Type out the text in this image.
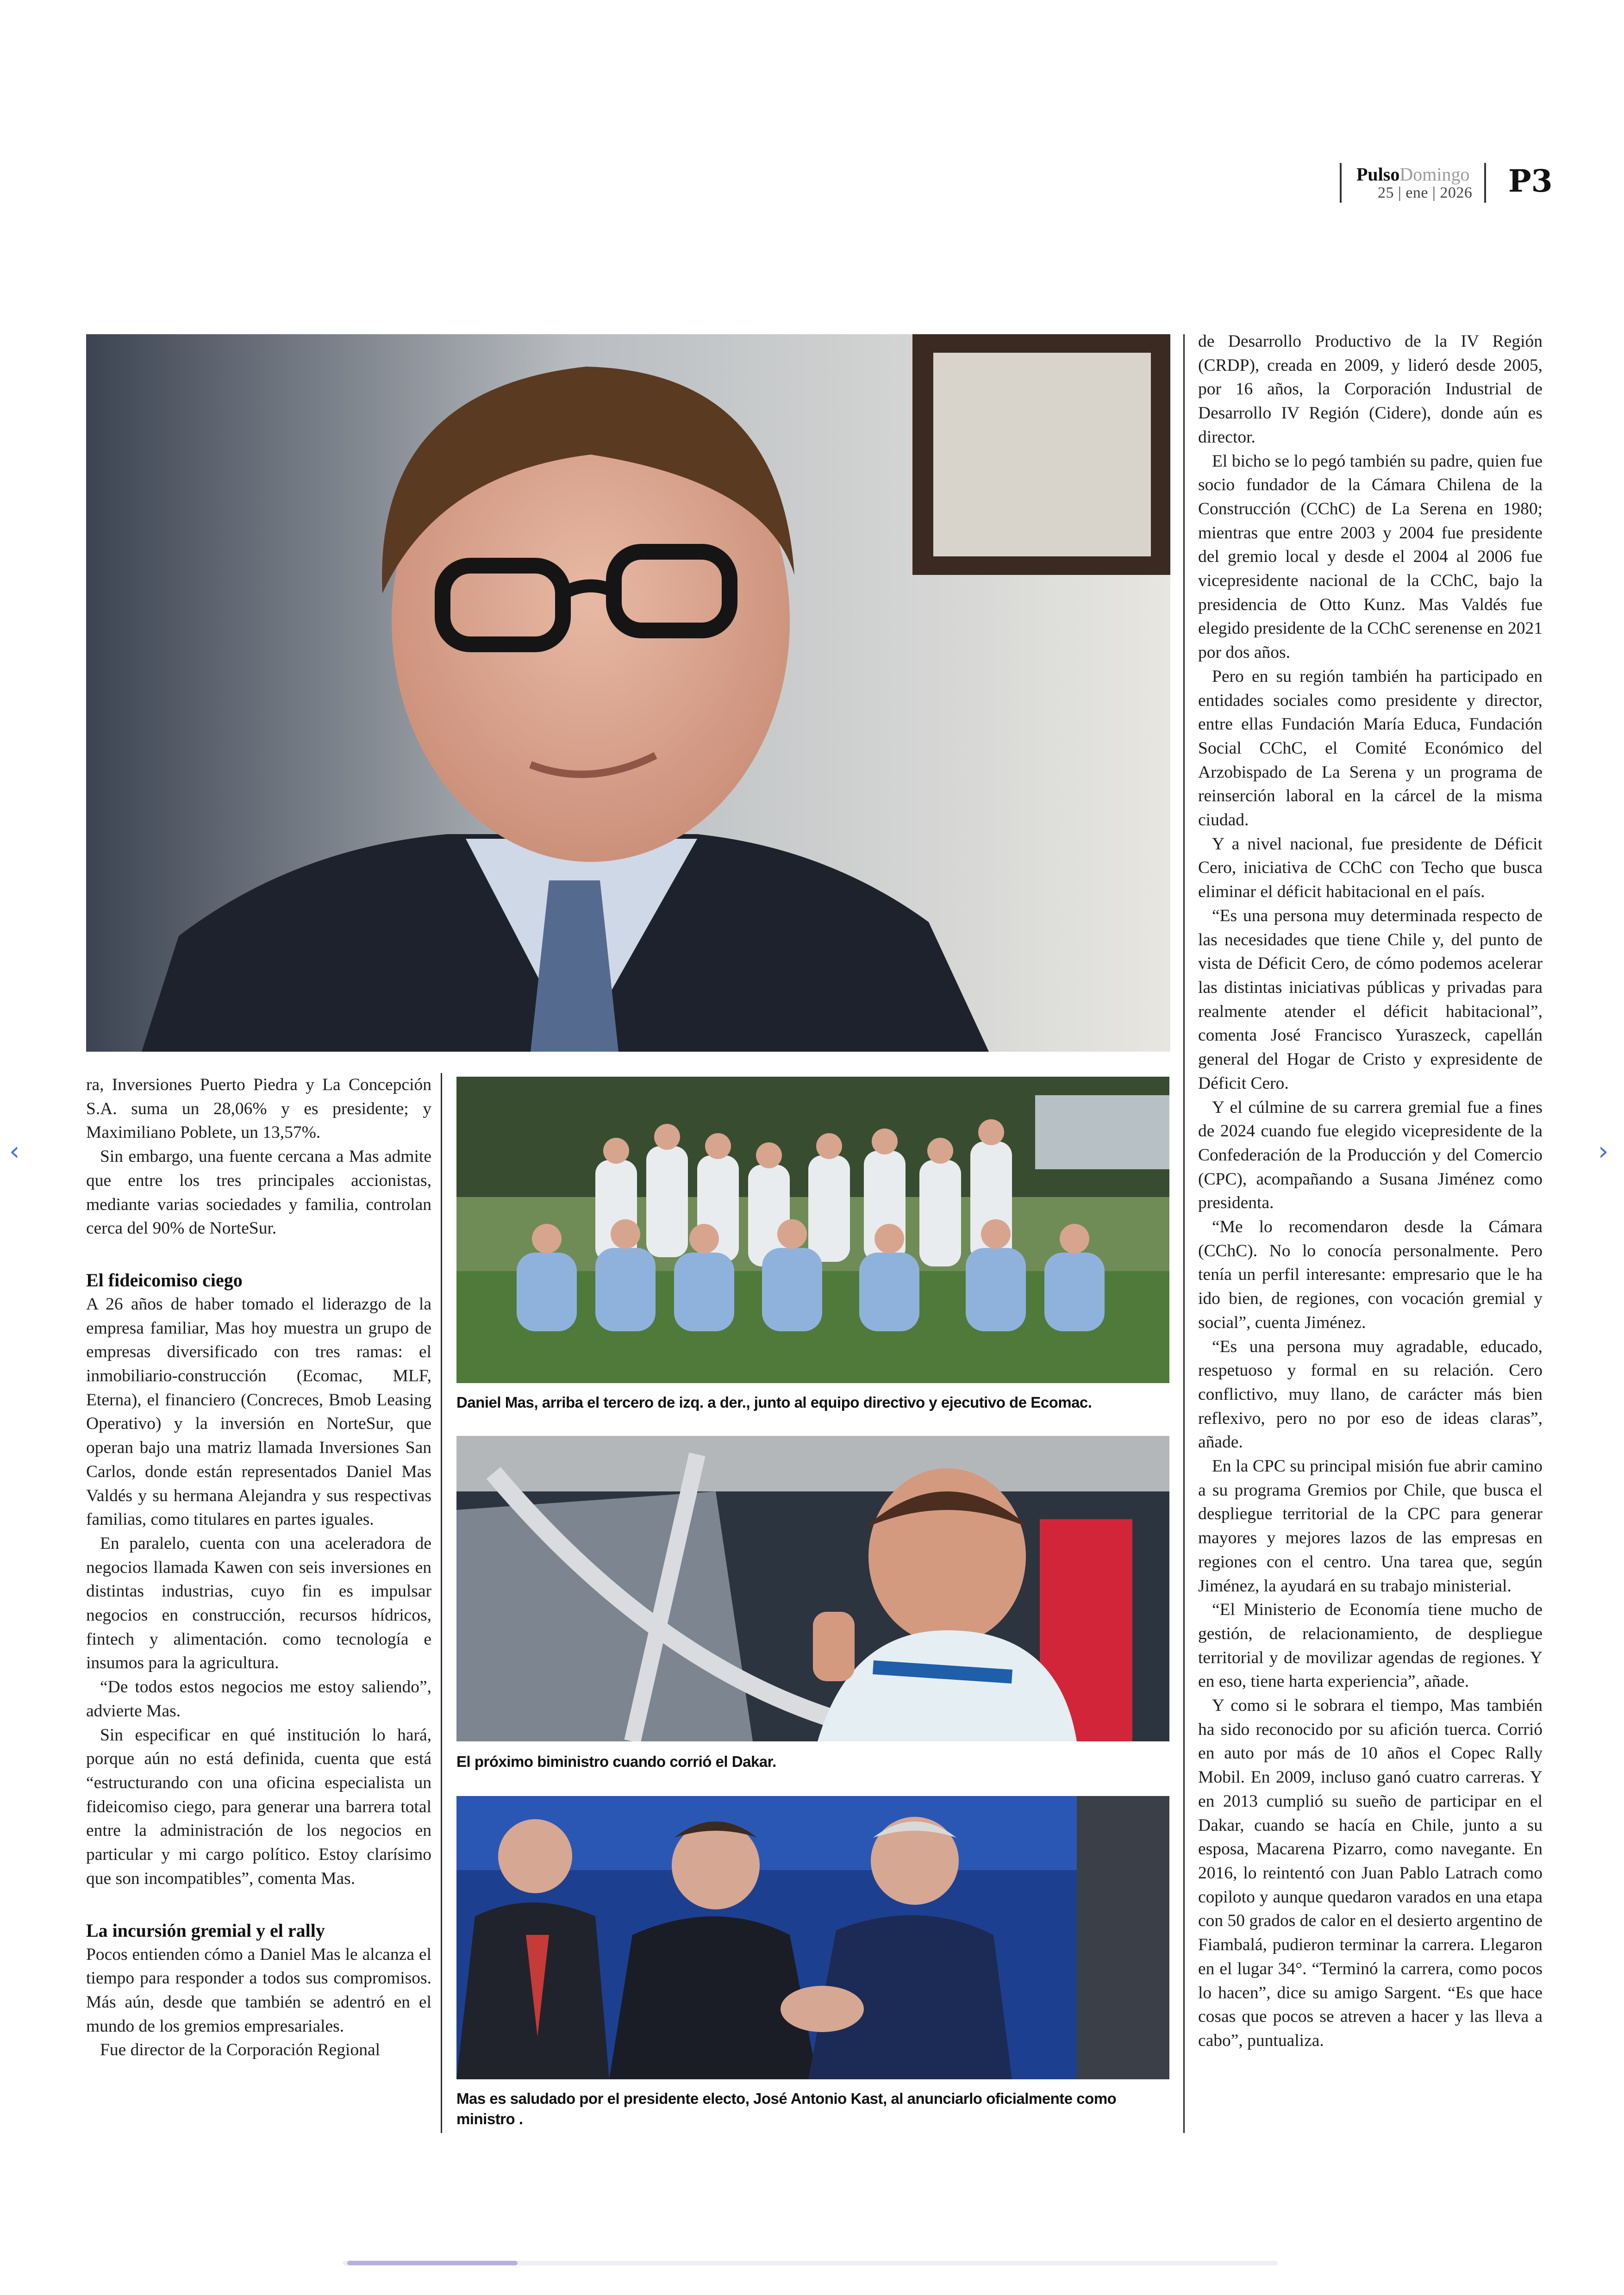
PulsoDomingo
25 | ene | 2026 P3

ra, Inversiones Puerto Piedra y La Concepción S.A. suma un 28,06% y es presidente; y Maximiliano Poblete, un 13,57%.

Sin embargo, una fuente cercana a Mas admite que entre los tres principales accionistas, mediante varias sociedades y familia, controlan cerca del 90% de NorteSur.

El fideicomiso ciego

A 26 años de haber tomado el liderazgo de la empresa familiar, Mas hoy muestra un grupo de empresas diversificado con tres ramas: el inmobiliario-construcción (Ecomac, MLF, Eterna), el financiero (Concreces, Bmob Leasing Operativo) y la inversión en NorteSur, que operan bajo una matriz llamada Inversiones San Carlos, donde están representados Daniel Mas Valdés y su hermana Alejandra y sus respectivas familias, como titulares en partes iguales.

En paralelo, cuenta con una aceleradora de negocios llamada Kawen con seis inversiones en distintas industrias, cuyo fin es impulsar negocios en construcción, recursos hídricos, fintech y alimentación. como tecnología e insumos para la agricultura.

“De todos estos negocios me estoy saliendo”, advierte Mas.

Sin especificar en qué institución lo hará, porque aún no está definida, cuenta que está “estructurando con una oficina especialista un fideicomiso ciego, para generar una barrera total entre la administración de los negocios en particular y mi cargo político. Estoy clarísimo que son incompatibles”, comenta Mas.

La incursión gremial y el rally

Pocos entienden cómo a Daniel Mas le alcanza el tiempo para responder a todos sus compromisos. Más aún, desde que también se adentró en el mundo de los gremios empresariales.

Fue director de la Corporación Regional

Daniel Mas, arriba el tercero de izq. a der., junto al equipo directivo y ejecutivo de Ecomac.
El próximo biministro cuando corrió el Dakar.
Mas es saludado por el presidente electo, José Antonio Kast, al anunciarlo oficialmente como ministro .

de Desarrollo Productivo de la IV Región (CRDP), creada en 2009, y lideró desde 2005, por 16 años, la Corporación Industrial de Desarrollo IV Región (Cidere), donde aún es director.

El bicho se lo pegó también su padre, quien fue socio fundador de la Cámara Chilena de la Construcción (CChC) de La Serena en 1980; mientras que entre 2003 y 2004 fue presidente del gremio local y desde el 2004 al 2006 fue vicepresidente nacional de la CChC, bajo la presidencia de Otto Kunz. Mas Valdés fue elegido presidente de la CChC serenense en 2021 por dos años.

Pero en su región también ha participado en entidades sociales como presidente y director, entre ellas Fundación María Educa, Fundación Social CChC, el Comité Económico del Arzobispado de La Serena y un programa de reinserción laboral en la cárcel de la misma ciudad.

Y a nivel nacional, fue presidente de Déficit Cero, iniciativa de CChC con Techo que busca eliminar el déficit habitacional en el país.

“Es una persona muy determinada respecto de las necesidades que tiene Chile y, del punto de vista de Déficit Cero, de cómo podemos acelerar las distintas iniciativas públicas y privadas para realmente atender el déficit habitacional”, comenta José Francisco Yuraszeck, capellán general del Hogar de Cristo y expresidente de Déficit Cero.

Y el cúlmine de su carrera gremial fue a fines de 2024 cuando fue elegido vicepresidente de la Confederación de la Producción y del Comercio (CPC), acompañando a Susana Jiménez como presidenta.

“Me lo recomendaron desde la Cámara (CChC). No lo conocía personalmente. Pero tenía un perfil interesante: empresario que le ha ido bien, de regiones, con vocación gremial y social”, cuenta Jiménez.

“Es una persona muy agradable, educado, respetuoso y formal en su relación. Cero conflictivo, muy llano, de carácter más bien reflexivo, pero no por eso de ideas claras”, añade.

En la CPC su principal misión fue abrir camino a su programa Gremios por Chile, que busca el despliegue territorial de la CPC para generar mayores y mejores lazos de las empresas en regiones con el centro. Una tarea que, según Jiménez, la ayudará en su trabajo ministerial.

“El Ministerio de Economía tiene mucho de gestión, de relacionamiento, de despliegue territorial y de movilizar agendas de regiones. Y en eso, tiene harta experiencia”, añade.

Y como si le sobrara el tiempo, Mas también ha sido reconocido por su afición tuerca. Corrió en auto por más de 10 años el Copec Rally Mobil. En 2009, incluso ganó cuatro carreras. Y en 2013 cumplió su sueño de participar en el Dakar, cuando se hacía en Chile, junto a su esposa, Macarena Pizarro, como navegante. En 2016, lo reintentó con Juan Pablo Latrach como copiloto y aunque quedaron varados en una etapa con 50 grados de calor en el desierto argentino de Fiambalá, pudieron terminar la carrera. Llegaron en el lugar 34°. “Terminó la carrera, como pocos lo hacen”, dice su amigo Sargent. “Es que hace cosas que pocos se atreven a hacer y las lleva a cabo”, puntualiza.

‹	›
